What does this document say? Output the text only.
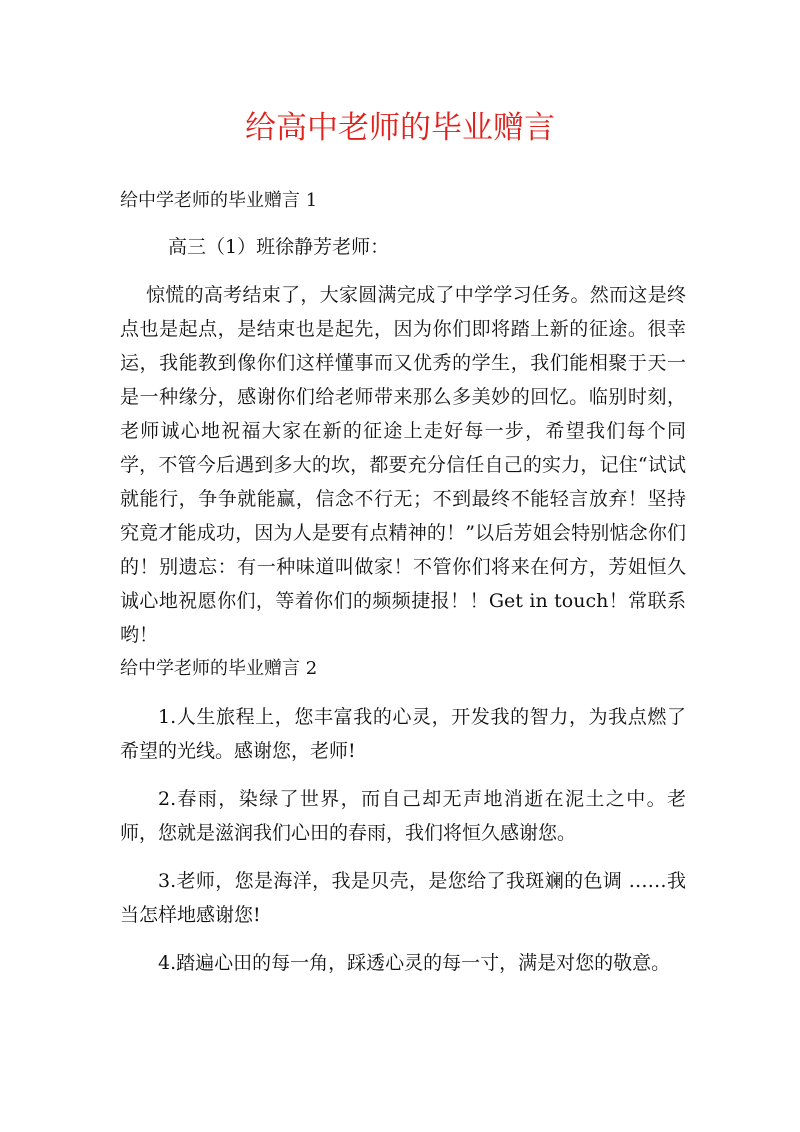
给高中老师的毕业赠言

给中学老师的毕业赠言 1

高三（1）班徐静芳老师：

惊慌的高考结束了，大家圆满完成了中学学习任务。然而这是终点也是起点，是结束也是起先，因为你们即将踏上新的征途。很幸运，我能教到像你们这样懂事而又优秀的学生，我们能相聚于天一是一种缘分，感谢你们给老师带来那么多美妙的回忆。临别时刻，老师诚心地祝福大家在新的征途上走好每一步，希望我们每个同学，不管今后遇到多大的坎，都要充分信任自己的实力，记住“试试就能行，争争就能赢，信念不行无；不到最终不能轻言放弃！坚持究竟才能成功，因为人是要有点精神的！”以后芳姐会特别惦念你们的！别遗忘：有一种味道叫做家！不管你们将来在何方，芳姐恒久诚心地祝愿你们，等着你们的频频捷报！！Get in touch！常联系哟！

给中学老师的毕业赠言 2

1.人生旅程上，您丰富我的心灵，开发我的智力，为我点燃了希望的光线。感谢您，老师!

2.春雨，染绿了世界，而自己却无声地消逝在泥土之中。老师，您就是滋润我们心田的春雨，我们将恒久感谢您。

3.老师，您是海洋，我是贝壳，是您给了我斑斓的色调 ……我当怎样地感谢您!

4.踏遍心田的每一角，踩透心灵的每一寸，满是对您的敬意。
